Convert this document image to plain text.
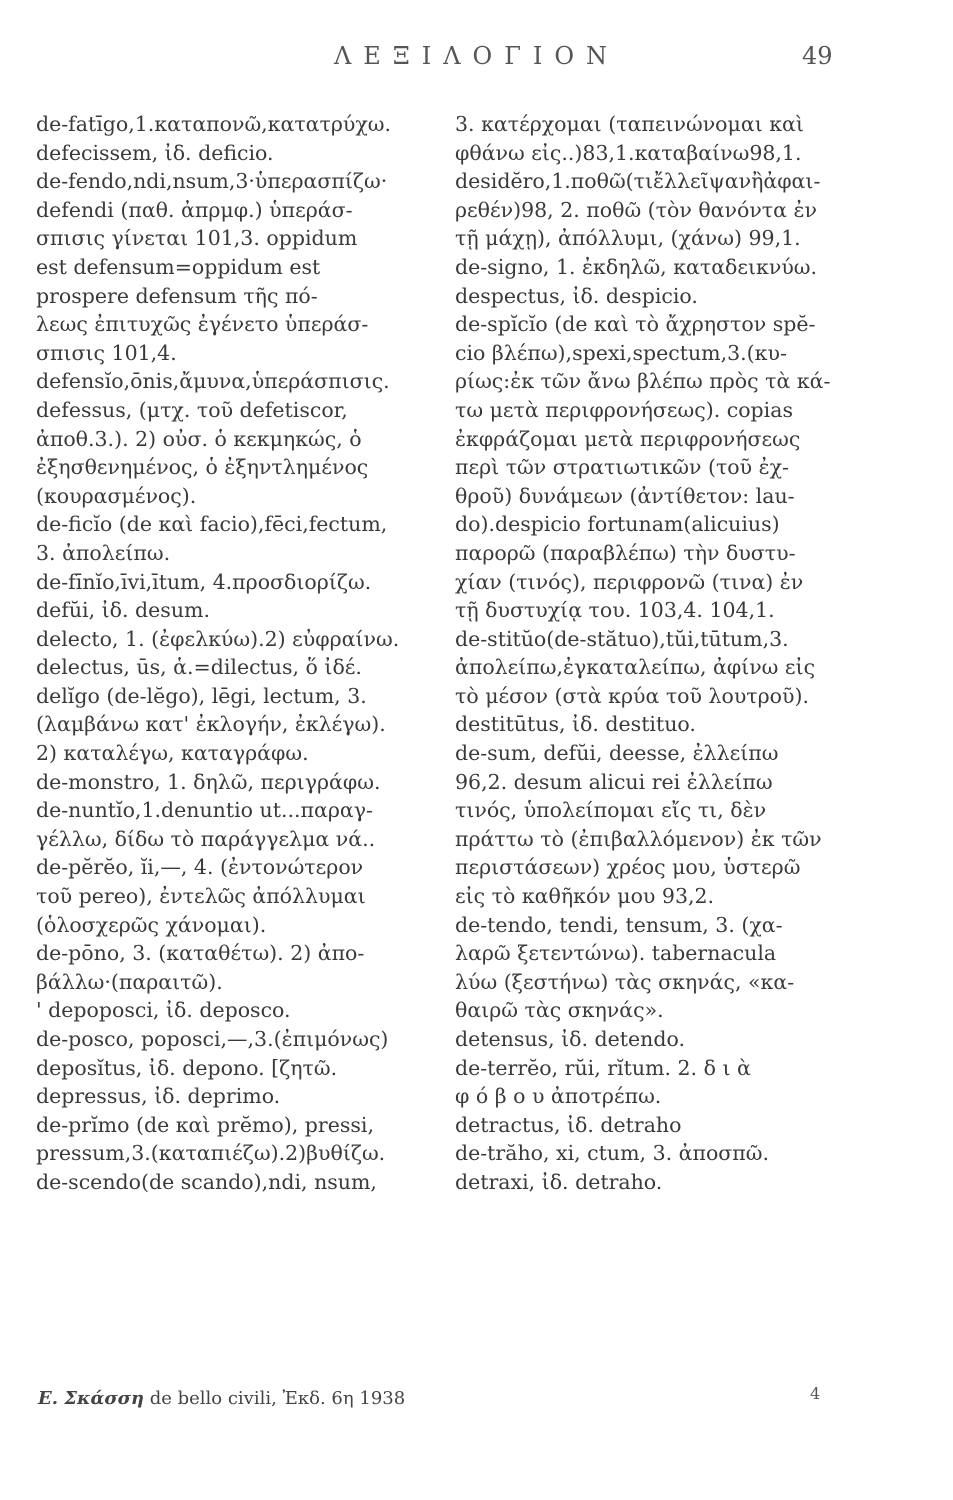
ΛΕΞΙΛΟΓΙΟΝ	49
de-fatīgo,1.καταπονῶ,κατατρύχω.
defecissem, ἰδ. deficio.
de-fendo,ndi,nsum,3·ὑπερασπίζω·
defendi (παθ. ἀπρμφ.) ὑπεράσ-
σπισις γίνεται 101,3. oppidum
est defensum=oppidum est
prospere defensum τῆς πό-
λεως ἐπιτυχῶς ἐγένετο ὑπεράσ-
σπισις 101,4.
defensĭo,ōnis,ἄμυνα,ὑπεράσπισις.
defessus, (μτχ. τοῦ defetiscor,
ἀποθ.3.). 2) οὐσ. ὁ κεκμηκώς, ὁ
ἐξησθενημένος, ὁ ἐξηντλημένος
(κουρασμένος).
de-ficĭo (de καὶ facio),fēci,fectum,
3. ἀπολείπω.
de-fīnĭo,īvi,ītum, 4.προσδιορίζω.
defŭi, ἰδ. desum.
delecto, 1. (ἐφελκύω).2) εὐφραίνω.
delectus, ūs, ἁ.=dilectus, ὅ ἰδέ.
delĭgo (de-lĕgo), lēgi, lectum, 3.
(λαμβάνω κατ' ἐκλογήν, ἐκλέγω).
2) καταλέγω, καταγράφω.
de-monstro, 1. δηλῶ, περιγράφω.
de-nuntĭo,1.denuntio ut...παραγ-
γέλλω, δίδω τὸ παράγγελμα νά..
de-pĕrĕo, ĭi,—, 4. (ἐντονώτερον
τοῦ pereo), ἐντελῶς ἀπόλλυμαι
(ὁλοσχερῶς χάνομαι).
de-pōno, 3. (καταθέτω). 2) ἀπο-
βάλλω·(παραιτῶ).
' depoposci, ἰδ. deposco.
de-posco, poposci,—,3.(ἐπιμόνως)
deposĭtus, ἰδ. depono. [ζητῶ.
depressus, ἰδ. deprimo.
de-prĭmo (de καὶ prĕmo), pressi,
pressum,3.(καταπιέζω).2)βυθίζω.
de-scendo(de scando),ndi, nsum,
3. κατέρχομαι (ταπεινώνομαι καὶ
φθάνω εἰς..)83,1.καταβαίνω98,1.
desidĕro,1.ποθῶ(τιἔλλεῖψανἢἀφαι-
ρεθέν)98, 2. ποθῶ (τὸν θανόντα ἐν
τῇ μάχῃ), ἀπόλλυμι, (χάνω) 99,1.
de-signo, 1. ἐκδηλῶ, καταδεικνύω.
despectus, ἰδ. despicio.
de-spĭcĭo (de καὶ τὸ ἄχρηστον spĕ-
cio βλέπω),spexi,spectum,3.(κυ-
ρίως:ἐκ τῶν ἄνω βλέπω πρὸς τὰ κά-
τω μετὰ περιφρονήσεως). copias
ἐκφράζομαι μετὰ περιφρονήσεως
περὶ τῶν στρατιωτικῶν (τοῦ ἐχ-
θροῦ) δυνάμεων (ἀντίθετον: lau-
do).despicio fortunam(alicuius)
παρορῶ (παραβλέπω) τὴν δυστυ-
χίαν (τινός), περιφρονῶ (τινα) ἐν
τῇ δυστυχίᾳ του. 103,4. 104,1.
de-stitŭo(de-stătuo),tŭi,tūtum,3.
ἀπολείπω,ἐγκαταλείπω, ἀφίνω εἰς
τὸ μέσον (στὰ κρύα τοῦ λουτροῦ).
destitūtus, ἰδ. destituo.
de-sum, defŭi, deesse, ἐλλείπω
96,2. desum alicui rei ἐλλείπω
τινός, ὑπολείπομαι εἴς τι, δὲν
πράττω τὸ (ἐπιβαλλόμενον) ἐκ τῶν
περιστάσεων) χρέος μου, ὑστερῶ
εἰς τὸ καθῆκόν μου 93,2.
de-tendo, tendi, tensum, 3. (χα-
λαρῶ ξετεντώνω). tabernacula
λύω (ξεστήνω) τὰς σκηνάς, «κα-
θαιρῶ τὰς σκηνάς».
detensus, ἰδ. detendo.
de-terrĕo, rŭi, rĭtum. 2. δ ι ὰ
φ ό β ο υ ἀποτρέπω.
detractus, ἰδ. detraho
de-trăho, xi, ctum, 3. ἀποσπῶ.
detraxi, ἰδ. detraho.
Ε. Σκάσση de bello civili, Ἐκδ. 6η 1938	4
